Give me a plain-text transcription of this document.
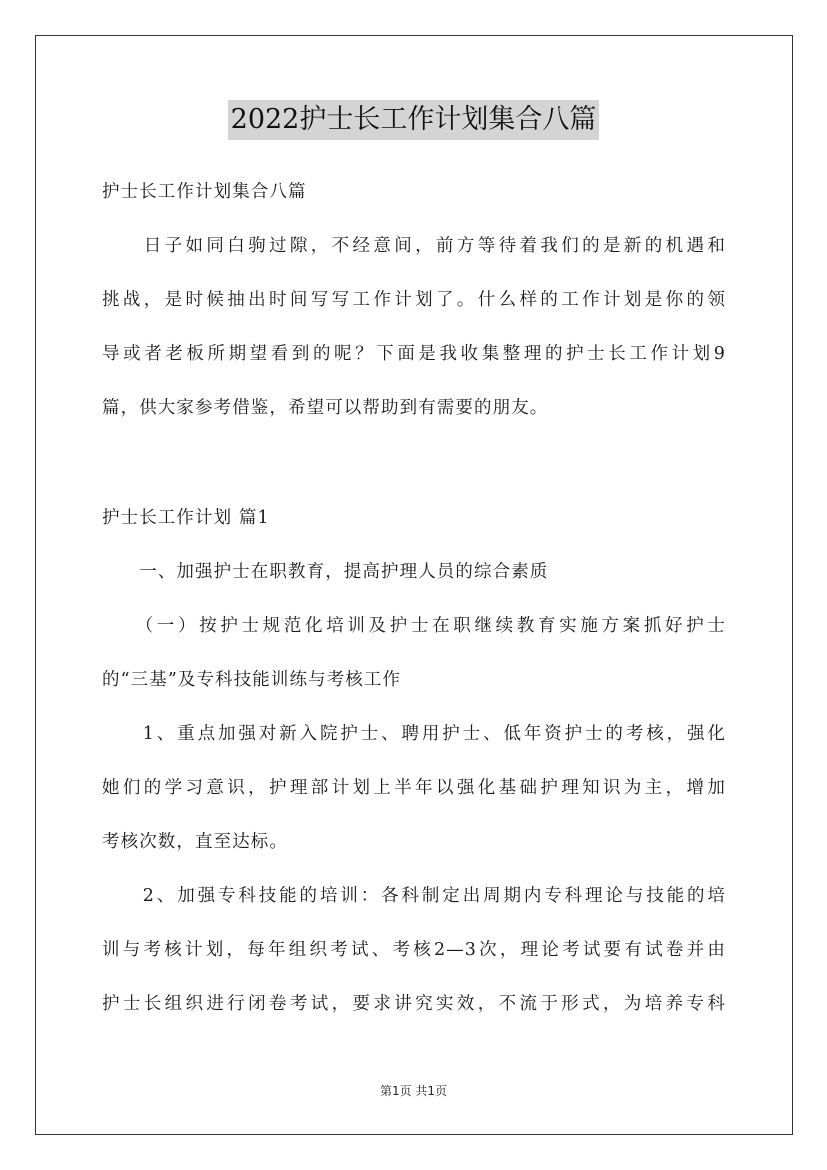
2022护士长工作计划集合八篇
护士长工作计划集合八篇
　　日子如同白驹过隙，不经意间，前方等待着我们的是新的机遇和
挑战，是时候抽出时间写写工作计划了。什么样的工作计划是你的领
导或者老板所期望看到的呢？下面是我收集整理的护士长工作计划9
篇，供大家参考借鉴，希望可以帮助到有需要的朋友。
护士长工作计划 篇1
　　一、加强护士在职教育，提高护理人员的综合素质
　　（一）按护士规范化培训及护士在职继续教育实施方案抓好护士
的“三基”及专科技能训练与考核工作
　　1、重点加强对新入院护士、聘用护士、低年资护士的考核，强化
她们的学习意识，护理部计划上半年以强化基础护理知识为主，增加
考核次数，直至达标。
　　2、加强专科技能的培训：各科制定出周期内专科理论与技能的培
训与考核计划，每年组织考试、考核2—3次，理论考试要有试卷并由
护士长组织进行闭卷考试，要求讲究实效，不流于形式，为培养专科
第1页 共1页
